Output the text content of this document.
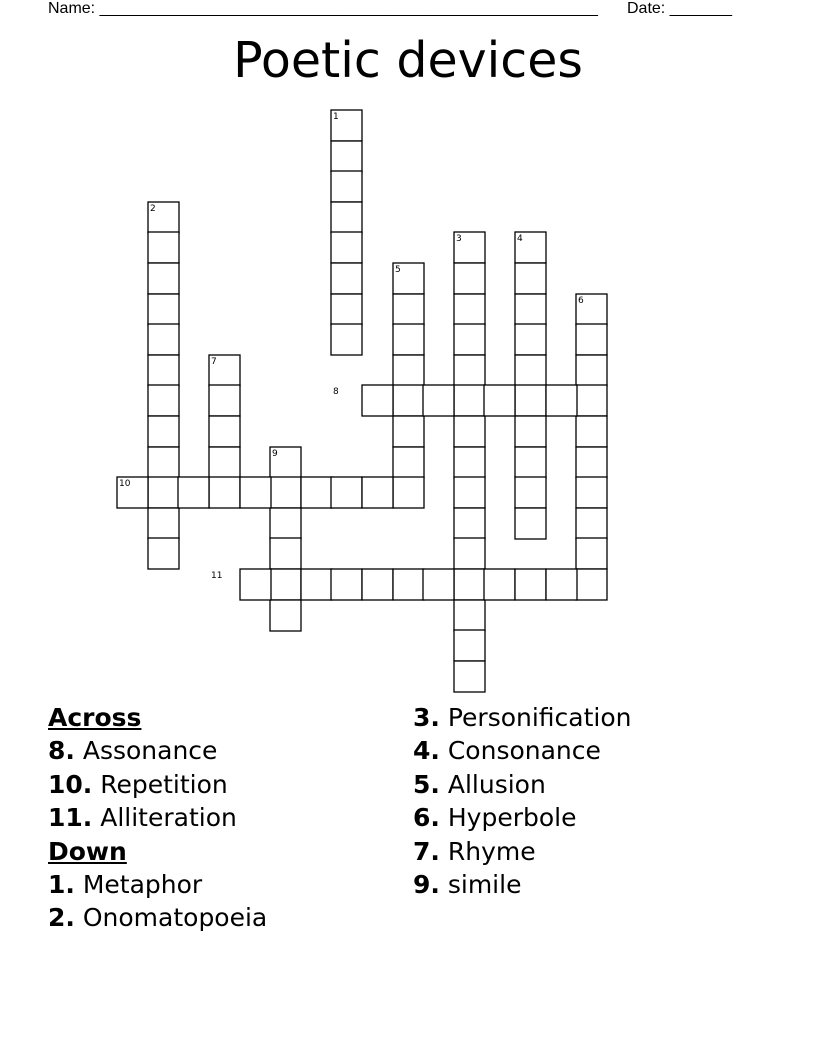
Name: ________________________________________________________ Date: _______
Poetic devices
1
2
3	4
5
6
7
8
9
10
11
Across
8. Assonance
10. Repetition
11. Alliteration
Down
1. Metaphor
2. Onomatopoeia
3. Personification
4. Consonance
5. Allusion
6. Hyperbole
7. Rhyme
9. simile
